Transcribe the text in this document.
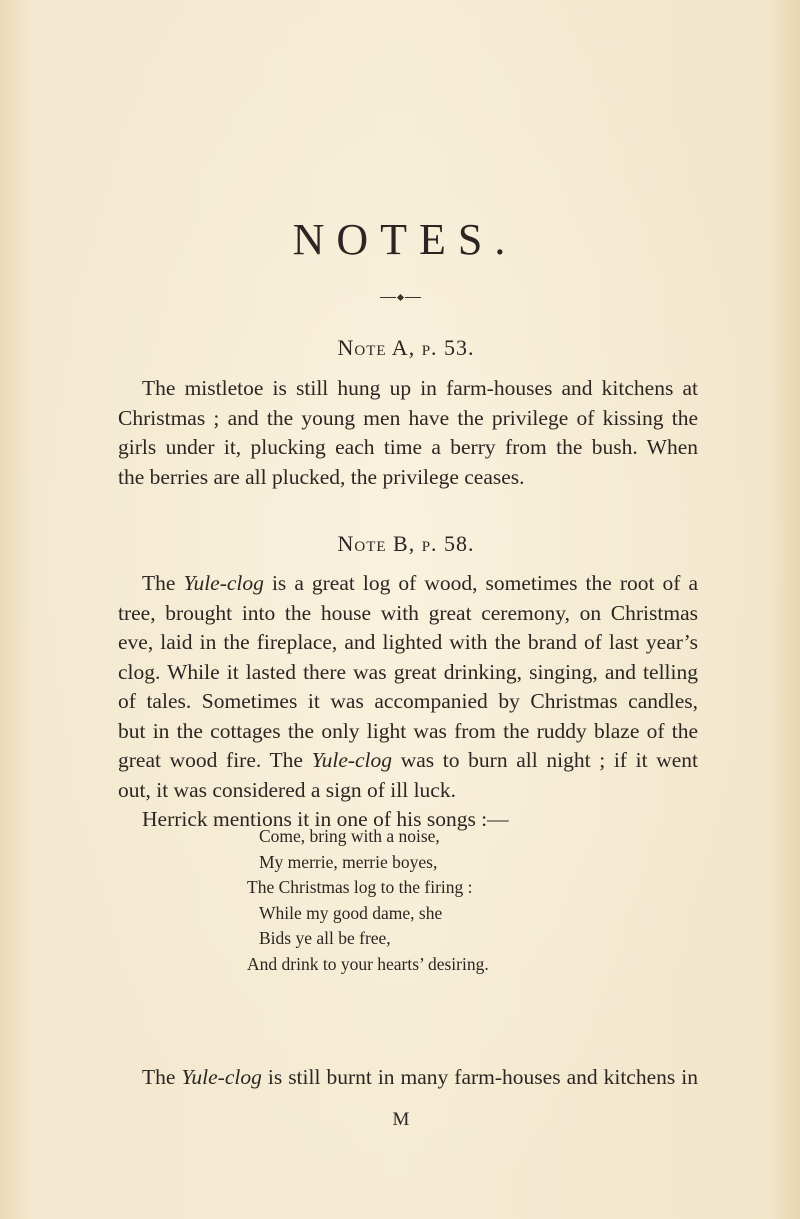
NOTES.
Note A, p. 53.
The mistletoe is still hung up in farm-houses and kitchens at
Christmas ; and the young men have the privilege of kissing the
girls under it, plucking each time a berry from the bush. When
the berries are all plucked, the privilege ceases.
Note B, p. 58.
The Yule-clog is a great log of wood, sometimes the root of a
tree, brought into the house with great ceremony, on Christmas
eve, laid in the fireplace, and lighted with the brand of last year’s
clog. While it lasted there was great drinking, singing, and telling
of tales. Sometimes it was accompanied by Christmas candles,
but in the cottages the only light was from the ruddy blaze of the
great wood fire. The Yule-clog was to burn all night ; if it went
out, it was considered a sign of ill luck.
Herrick mentions it in one of his songs :—
Come, bring with a noise,
My merrie, merrie boyes,
The Christmas log to the firing :
While my good dame, she
Bids ye all be free,
And drink to your hearts’ desiring.
The Yule-clog is still burnt in many farm-houses and kitchens in
M
